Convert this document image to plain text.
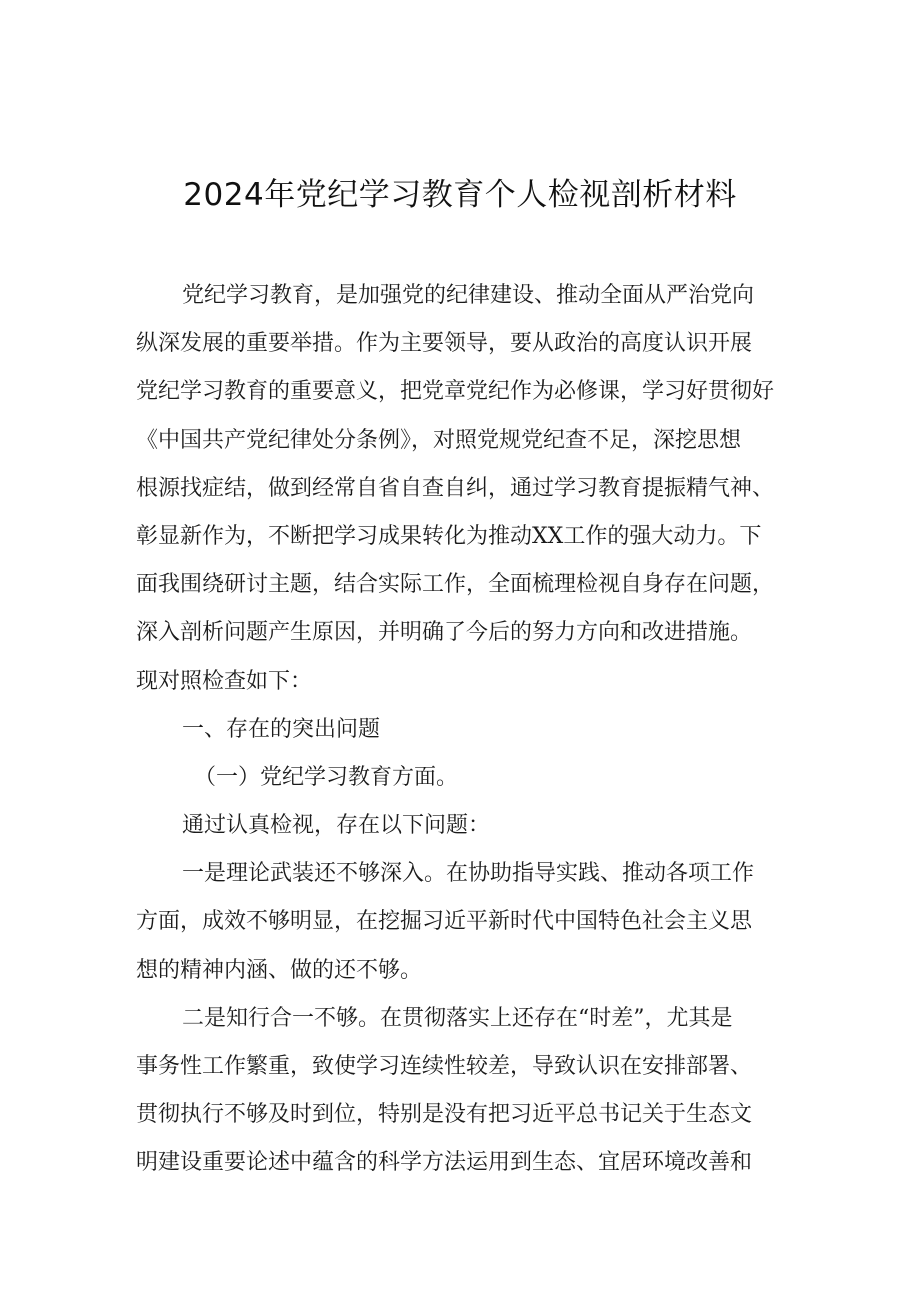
2024年党纪学习教育个人检视剖析材料
党纪学习教育，是加强党的纪律建设、推动全面从严治党向
纵深发展的重要举措。作为主要领导，要从政治的高度认识开展
党纪学习教育的重要意义，把党章党纪作为必修课，学习好贯彻好
《中国共产党纪律处分条例》，对照党规党纪查不足，深挖思想
根源找症结，做到经常自省自查自纠，通过学习教育提振精气神、
彰显新作为，不断把学习成果转化为推动XX工作的强大动力。下
面我围绕研讨主题，结合实际工作，全面梳理检视自身存在问题，
深入剖析问题产生原因，并明确了今后的努力方向和改进措施。
现对照检查如下：
一、存在的突出问题
（一）党纪学习教育方面。
通过认真检视，存在以下问题：
一是理论武装还不够深入。在协助指导实践、推动各项工作
方面，成效不够明显，在挖掘习近平新时代中国特色社会主义思
想的精神内涵、做的还不够。
二是知行合一不够。在贯彻落实上还存在“时差”，尤其是
事务性工作繁重，致使学习连续性较差，导致认识在安排部署、
贯彻执行不够及时到位，特别是没有把习近平总书记关于生态文
明建设重要论述中蕴含的科学方法运用到生态、宜居环境改善和
